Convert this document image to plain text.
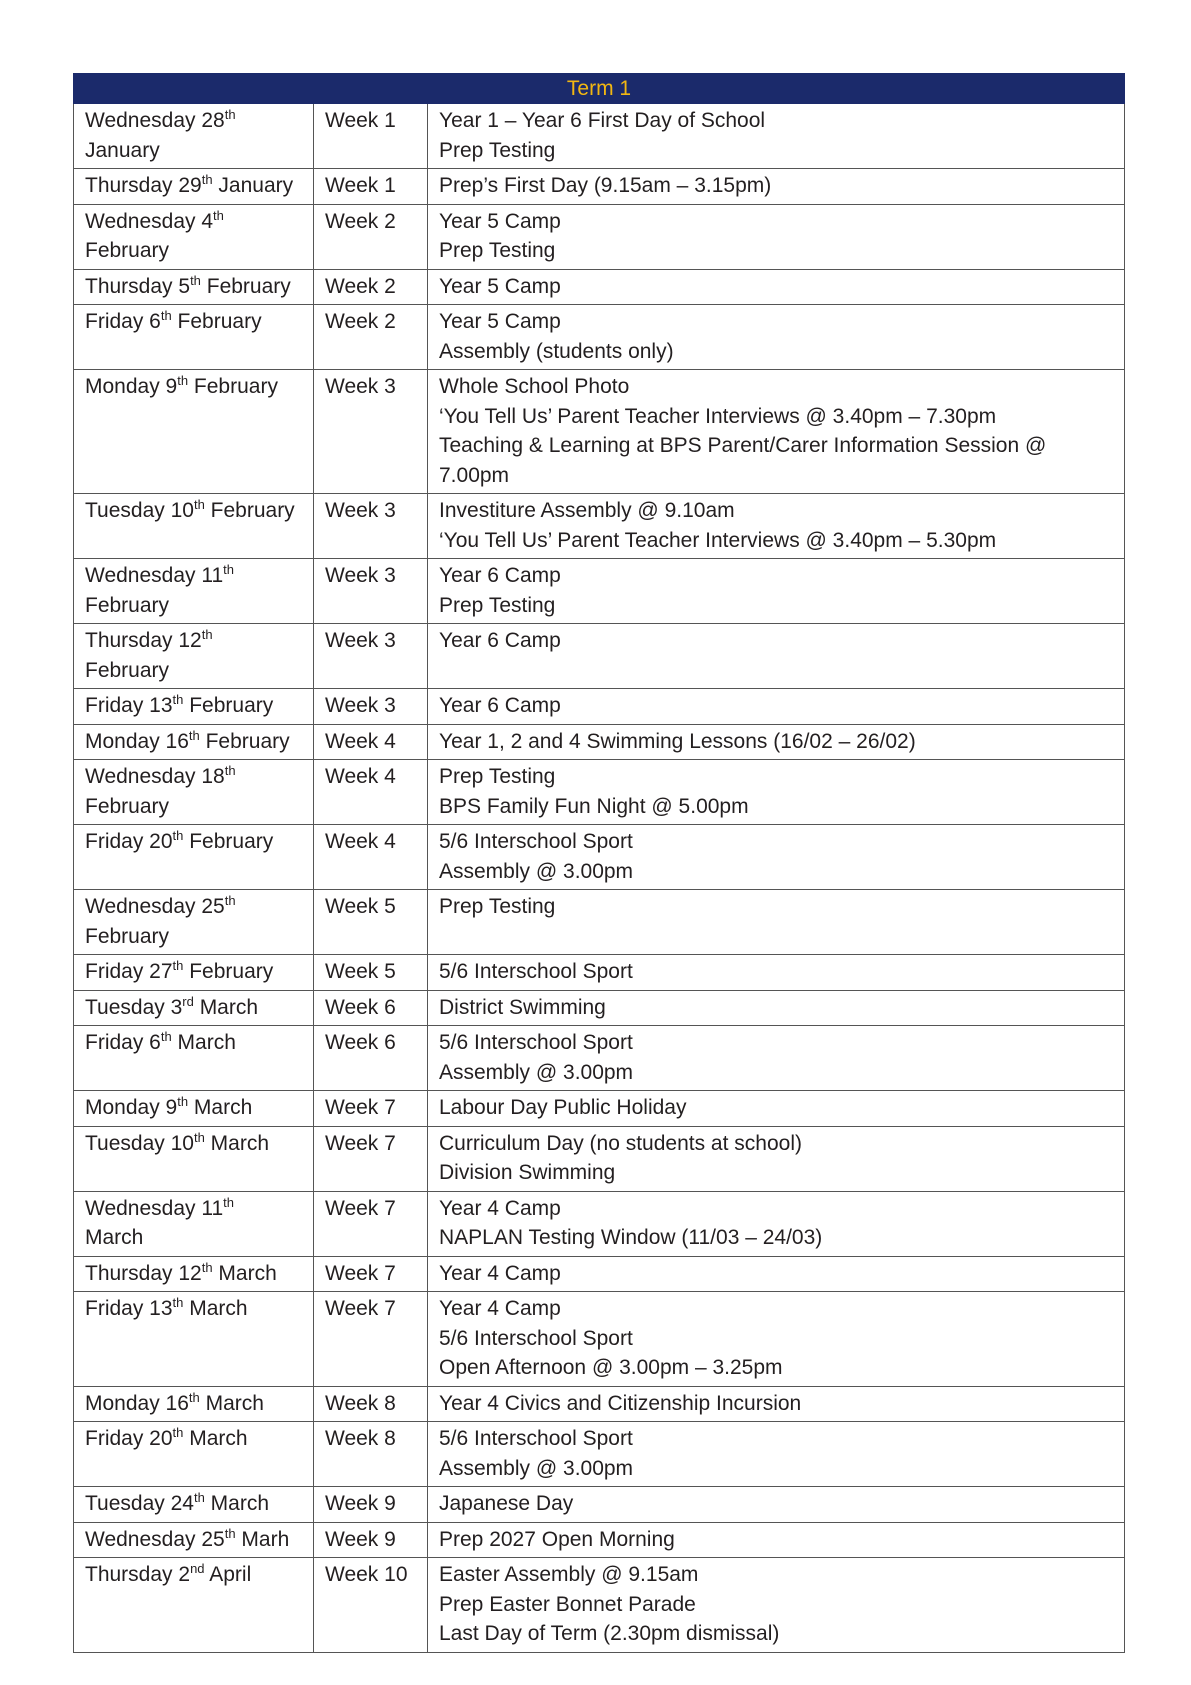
Term 1		
Wednesday 28th
January	Week 1	Year 1 – Year 6 First Day of School
Prep Testing

Thursday 29th January	Week 1	Prep’s First Day (9.15am – 3.15pm)

Wednesday 4th
February	Week 2	Year 5 Camp
Prep Testing

Thursday 5th February	Week 2	Year 5 Camp

Friday 6th February	Week 2	Year 5 Camp
Assembly (students only)

Monday 9th February	Week 3	Whole School Photo
‘You Tell Us’ Parent Teacher Interviews @ 3.40pm – 7.30pm
Teaching & Learning at BPS Parent/Carer Information Session @ 7.00pm

Tuesday 10th February	Week 3	Investiture Assembly @ 9.10am
‘You Tell Us’ Parent Teacher Interviews @ 3.40pm – 5.30pm

Wednesday 11th
February	Week 3	Year 6 Camp
Prep Testing

Thursday 12th
February	Week 3	Year 6 Camp

Friday 13th February	Week 3	Year 6 Camp

Monday 16th February	Week 4	Year 1, 2 and 4 Swimming Lessons (16/02 – 26/02)

Wednesday 18th
February	Week 4	Prep Testing
BPS Family Fun Night @ 5.00pm

Friday 20th February	Week 4	5/6 Interschool Sport
Assembly @ 3.00pm

Wednesday 25th
February	Week 5	Prep Testing

Friday 27th February	Week 5	5/6 Interschool Sport

Tuesday 3rd March	Week 6	District Swimming

Friday 6th March	Week 6	5/6 Interschool Sport
Assembly @ 3.00pm

Monday 9th March	Week 7	Labour Day Public Holiday

Tuesday 10th March	Week 7	Curriculum Day (no students at school)
Division Swimming

Wednesday 11th
March	Week 7	Year 4 Camp
NAPLAN Testing Window (11/03 – 24/03)

Thursday 12th March	Week 7	Year 4 Camp

Friday 13th March	Week 7	Year 4 Camp
5/6 Interschool Sport
Open Afternoon @ 3.00pm – 3.25pm

Monday 16th March	Week 8	Year 4 Civics and Citizenship Incursion

Friday 20th March	Week 8	5/6 Interschool Sport
Assembly @ 3.00pm

Tuesday 24th March	Week 9	Japanese Day

Wednesday 25th Marh	Week 9	Prep 2027 Open Morning

Thursday 2nd April	Week 10	Easter Assembly @ 9.15am
Prep Easter Bonnet Parade
Last Day of Term (2.30pm dismissal)
